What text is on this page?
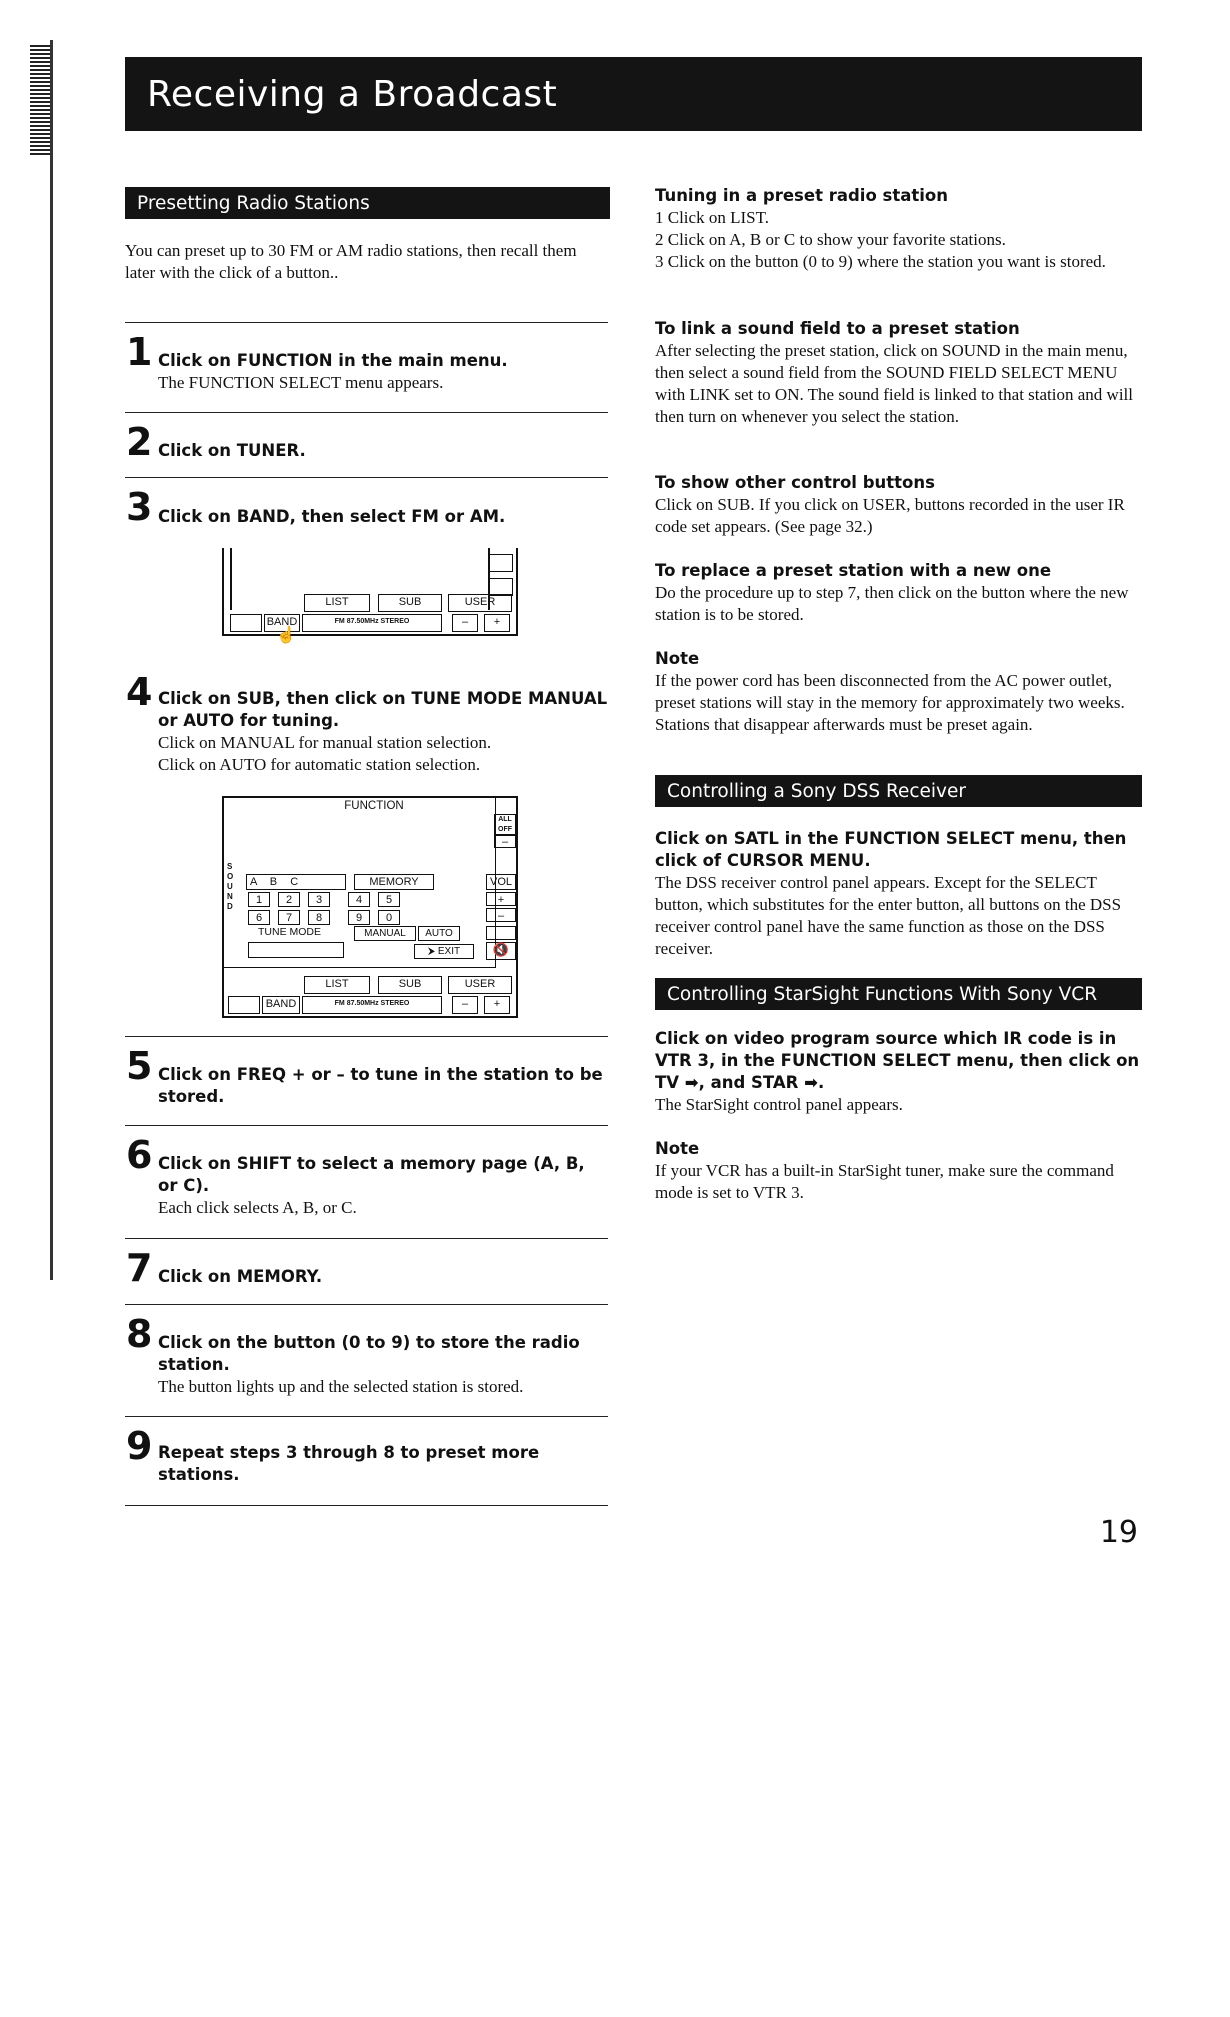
Receiving a Broadcast
Presetting Radio Stations
You can preset up to 30 FM or AM radio stations, then recall them later with the click of a button..
1 Click on FUNCTION in the main menu.
The FUNCTION SELECT menu appears.
2 Click on TUNER.
3 Click on BAND, then select FM or AM.
LIST	SUB	USER
BAND	FM 87.50MHz STEREO	–	+
☝
4 Click on SUB, then click on TUNE MODE MANUAL or AUTO for tuning.
Click on MANUAL for manual station selection.
Click on AUTO for automatic station selection.
FUNCTION
ALL OFF
–
S O U N D
A B C	MEMORY	VOL
+
–
1	2	3	4	5
6	7	8	9	0
TUNE MODE	MANUAL	AUTO
⮞ EXIT	🔇
LIST	SUB	USER
BAND	FM 87.50MHz STEREO	–	+
5 Click on FREQ + or – to tune in the station to be stored.
6 Click on SHIFT to select a memory page (A, B, or C).
Each click selects A, B, or C.
7 Click on MEMORY.
8 Click on the button (0 to 9) to store the radio station.
The button lights up and the selected station is stored.
9 Repeat steps 3 through 8 to preset more stations.
Tuning in a preset radio station
1 Click on LIST.
2 Click on A, B or C to show your favorite stations.
3 Click on the button (0 to 9) where the station you want is stored.
To link a sound field to a preset station
After selecting the preset station, click on SOUND in the main menu, then select a sound field from the SOUND FIELD SELECT MENU with LINK set to ON. The sound field is linked to that station and will then turn on whenever you select the station.
To show other control buttons
Click on SUB. If you click on USER, buttons recorded in the user IR code set appears. (See page 32.)
To replace a preset station with a new one
Do the procedure up to step 7, then click on the button where the new station is to be stored.
Note
If the power cord has been disconnected from the AC power outlet, preset stations will stay in the memory for approximately two weeks. Stations that disappear afterwards must be preset again.
Controlling a Sony DSS Receiver
Click on SATL in the FUNCTION SELECT menu, then click of CURSOR MENU.
The DSS receiver control panel appears. Except for the SELECT button, which substitutes for the enter button, all buttons on the DSS receiver control panel have the same function as those on the DSS receiver.
Controlling StarSight Functions With Sony VCR
Click on video program source which IR code is in VTR 3, in the FUNCTION SELECT menu, then click on TV ➡, and STAR ➡.
The StarSight control panel appears.
Note
If your VCR has a built-in StarSight tuner, make sure the command mode is set to VTR 3.
19
